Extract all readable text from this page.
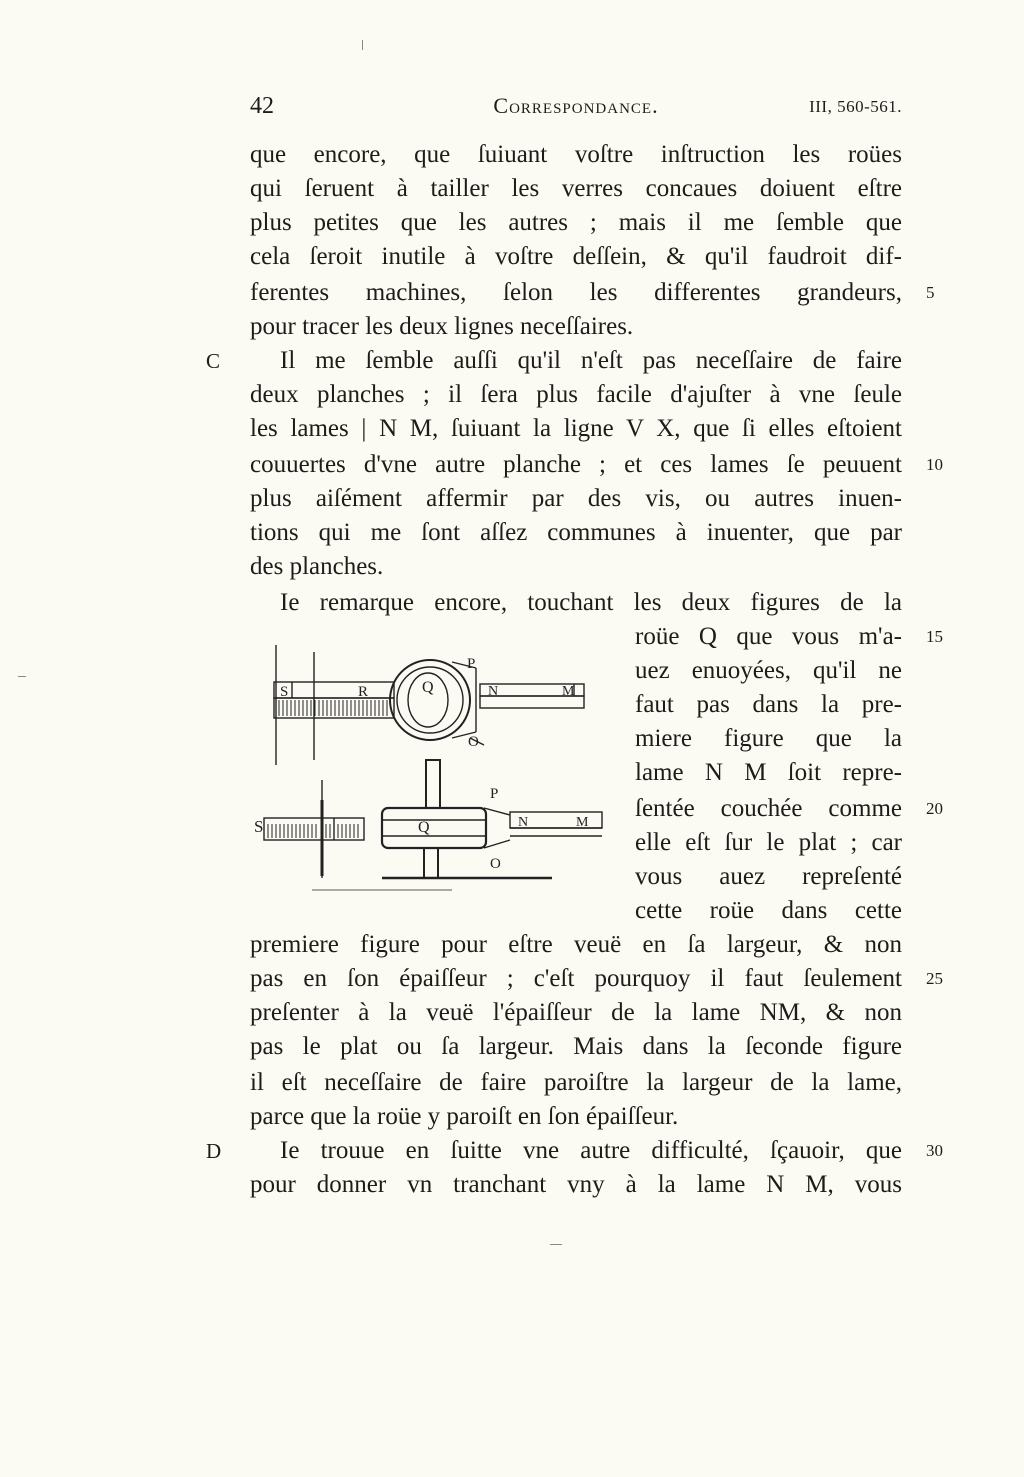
42	Correspondance.	III, 560-561.
que encore, que ſuiuant voſtre inſtruction les roües
qui ſeruent à tailler les verres concaues doiuent eſtre
plus petites que les autres ; mais il me ſemble que
cela ſeroit inutile à voſtre deſſein, & qu'il faudroit dif-
ferentes machines, ſelon les differentes grandeurs,
pour tracer les deux lignes neceſſaires.
Il me ſemble auſſi qu'il n'eſt pas neceſſaire de faire
deux planches ; il ſera plus facile d'ajuſter à vne ſeule
les lames | N M, ſuiuant la ligne V X, que ſi elles eſtoient
couuertes d'vne autre planche ; et ces lames ſe peuuent
plus aiſément affermir par des vis, ou autres inuen-
tions qui me ſont aſſez communes à inuenter, que par
des planches.
Ie remarque encore, touchant les deux figures de la
roüe Q que vous m'a-
uez enuoyées, qu'il ne
faut pas dans la pre-
miere figure que la
lame N M ſoit repre-
ſentée couchée comme
elle eſt ſur le plat ; car
vous auez repreſenté
cette roüe dans cette
premiere figure pour eſtre veuë en ſa largeur, & non
pas en ſon épaiſſeur ; c'eſt pourquoy il faut ſeulement
preſenter à la veuë l'épaiſſeur de la lame NM, & non
pas le plat ou ſa largeur. Mais dans la ſeconde figure
il eſt neceſſaire de faire paroiſtre la largeur de la lame,
parce que la roüe y paroiſt en ſon épaiſſeur.
Ie trouue en ſuitte vne autre difficulté, ſçauoir, que
pour donner vn tranchant vny à la lame N M, vous
5
10
15
20
25
30
C
D
S	R	Q
P
N	M
O
S	Q
P
N	M
O
